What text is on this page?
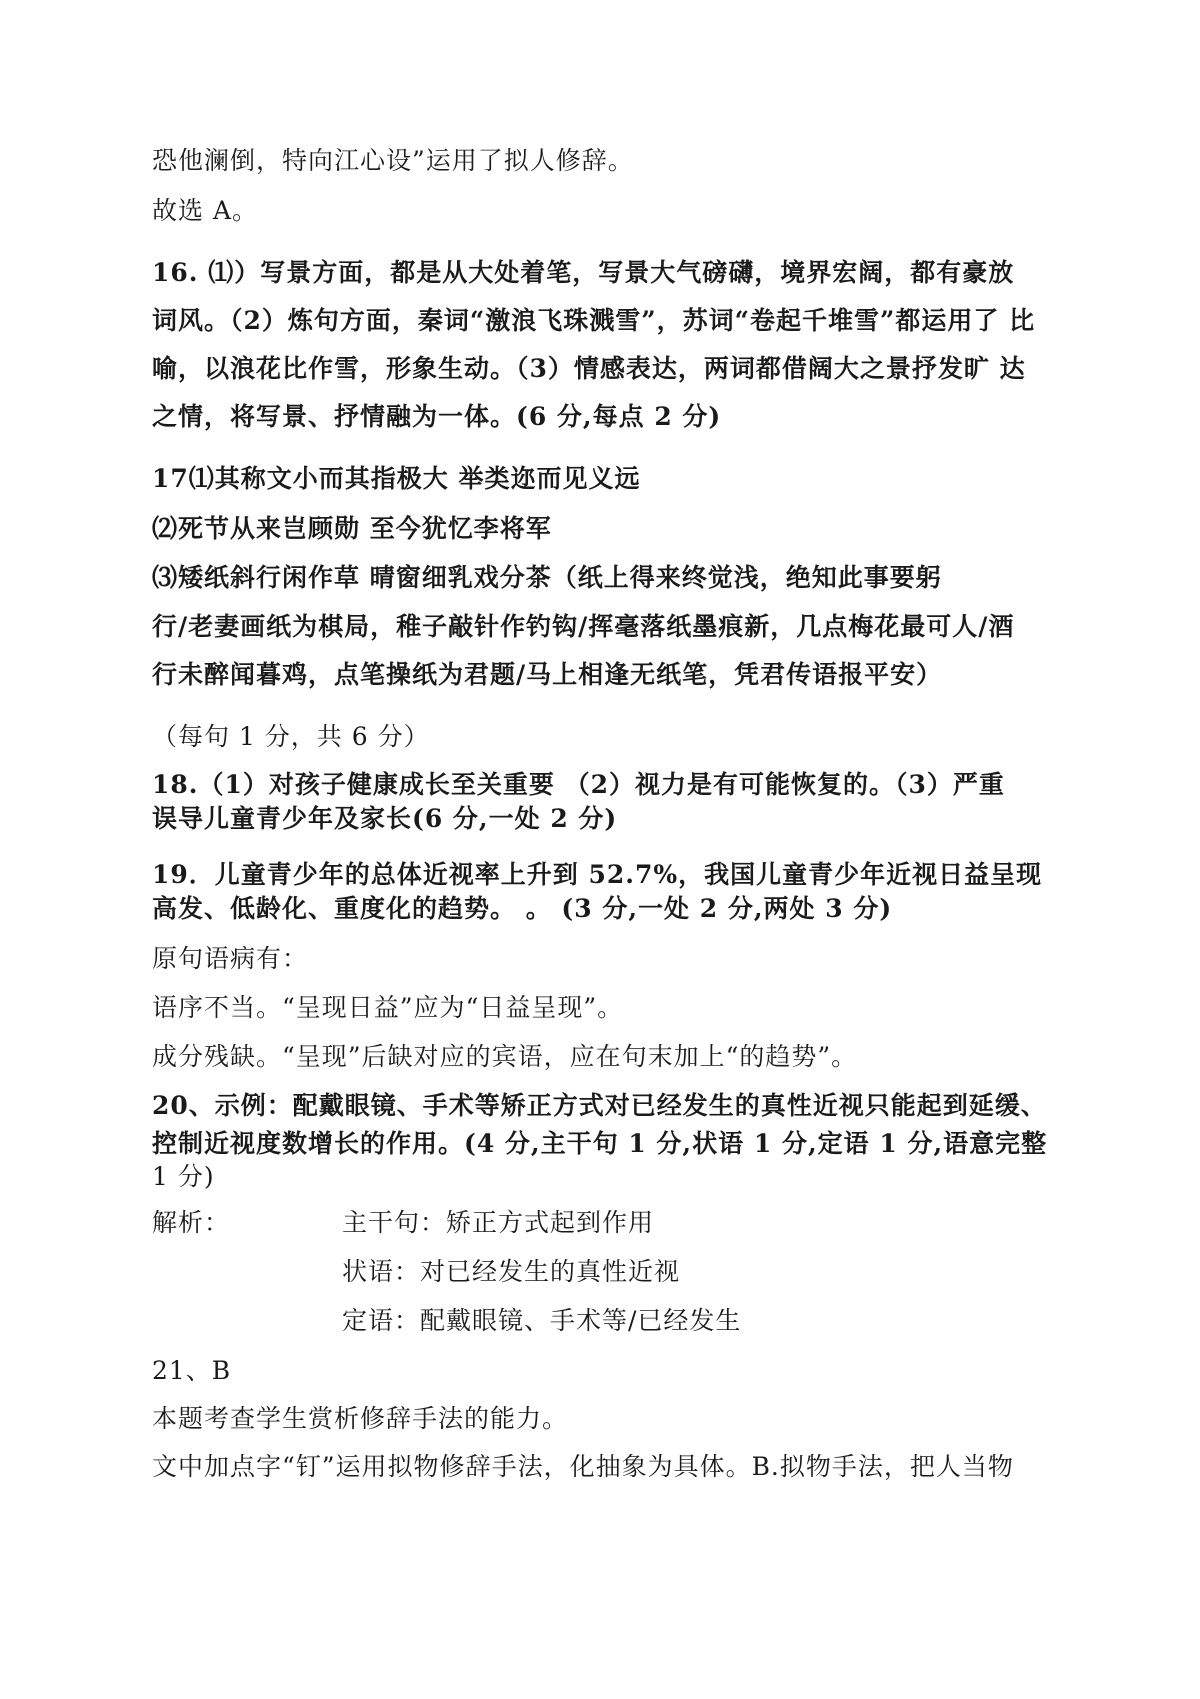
恐他澜倒，特向江心设”运用了拟人修辞。
故选 A。
16. ⑴）写景方面，都是从大处着笔，写景大气磅礴，境界宏阔，都有豪放
词风。（2）炼句方面，秦词“激浪飞珠溅雪”，苏词“卷起千堆雪”都运用了 比
喻，以浪花比作雪，形象生动。（3）情感表达，两词都借阔大之景抒发旷 达
之情，将写景、抒情融为一体。(6 分,每点 2 分)
17⑴其称文小而其指极大 举类迩而见义远
⑵死节从来岂顾勋 至今犹忆李将军
⑶矮纸斜行闲作草 晴窗细乳戏分茶（纸上得来终觉浅，绝知此事要躬
行/老妻画纸为棋局，稚子敲针作钓钩/挥毫落纸墨痕新，几点梅花最可人/酒
行未醉闻暮鸡，点笔操纸为君题/马上相逢无纸笔，凭君传语报平安）
（每句 1 分，共 6 分）
18.（1）对孩子健康成长至关重要 （2）视力是有可能恢复的。（3）严重
误导儿童青少年及家长(6 分,一处 2 分)
19．儿童青少年的总体近视率上升到 52.7%，我国儿童青少年近视日益呈现
高发、低龄化、重度化的趋势。 。 (3 分,一处 2 分,两处 3 分)
原句语病有：
语序不当。“呈现日益”应为“日益呈现”。
成分残缺。“呈现”后缺对应的宾语，应在句末加上“的趋势”。
20、示例：配戴眼镜、手术等矫正方式对已经发生的真性近视只能起到延缓、
控制近视度数增长的作用。(4 分,主干句 1 分,状语 1 分,定语 1 分,语意完整
1 分)
解析：	主干句：矫正方式起到作用
状语：对已经发生的真性近视
定语：配戴眼镜、手术等/已经发生
21、B
本题考查学生赏析修辞手法的能力。
文中加点字“钉”运用拟物修辞手法，化抽象为具体。B.拟物手法，把人当物
